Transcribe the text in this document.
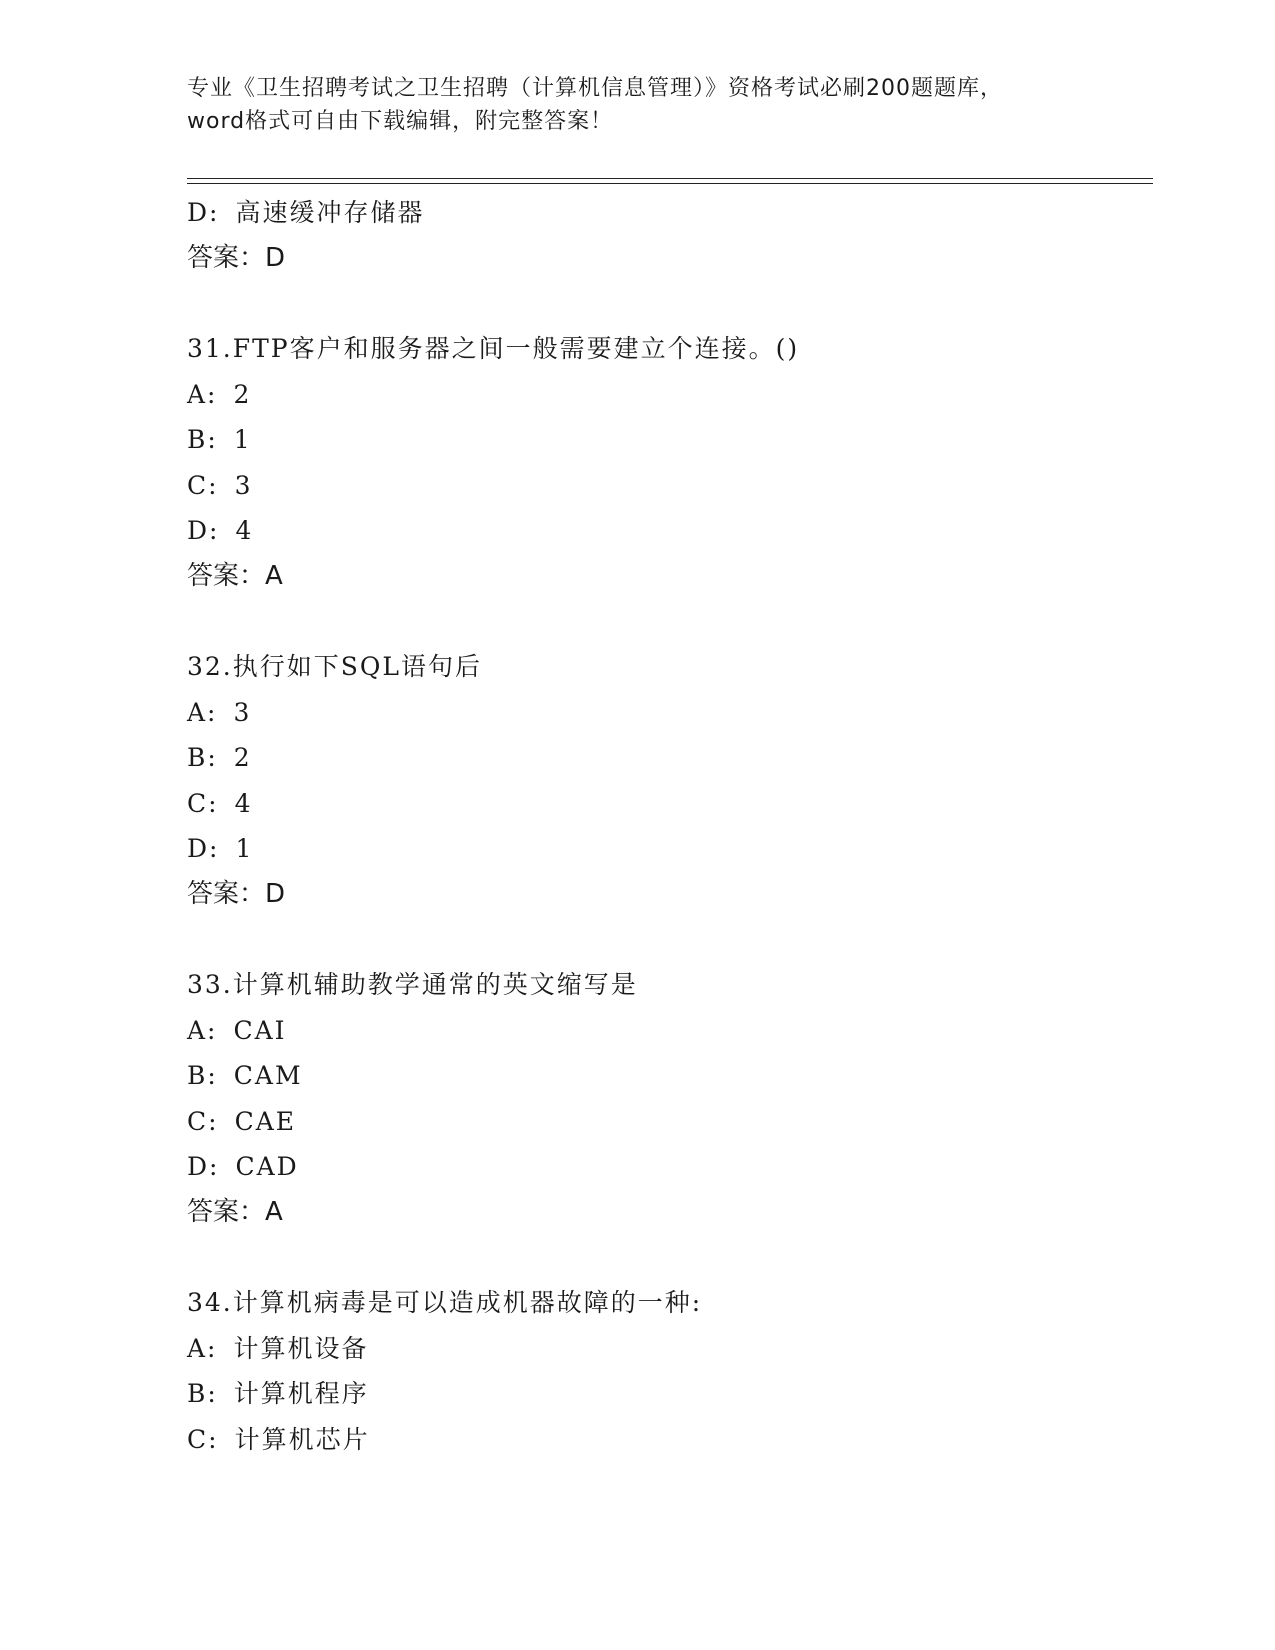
专业《卫生招聘考试之卫生招聘（计算机信息管理）》资格考试必刷200题题库，
word格式可自由下载编辑，附完整答案！
D: 高速缓冲存储器
答案：D
31.FTP客户和服务器之间一般需要建立个连接。()
A: 2
B: 1
C: 3
D: 4
答案：A
32.执行如下SQL语句后
A: 3
B: 2
C: 4
D: 1
答案：D
33.计算机辅助教学通常的英文缩写是
A: CAI
B: CAM
C: CAE
D: CAD
答案：A
34.计算机病毒是可以造成机器故障的一种:
A: 计算机设备
B: 计算机程序
C: 计算机芯片
